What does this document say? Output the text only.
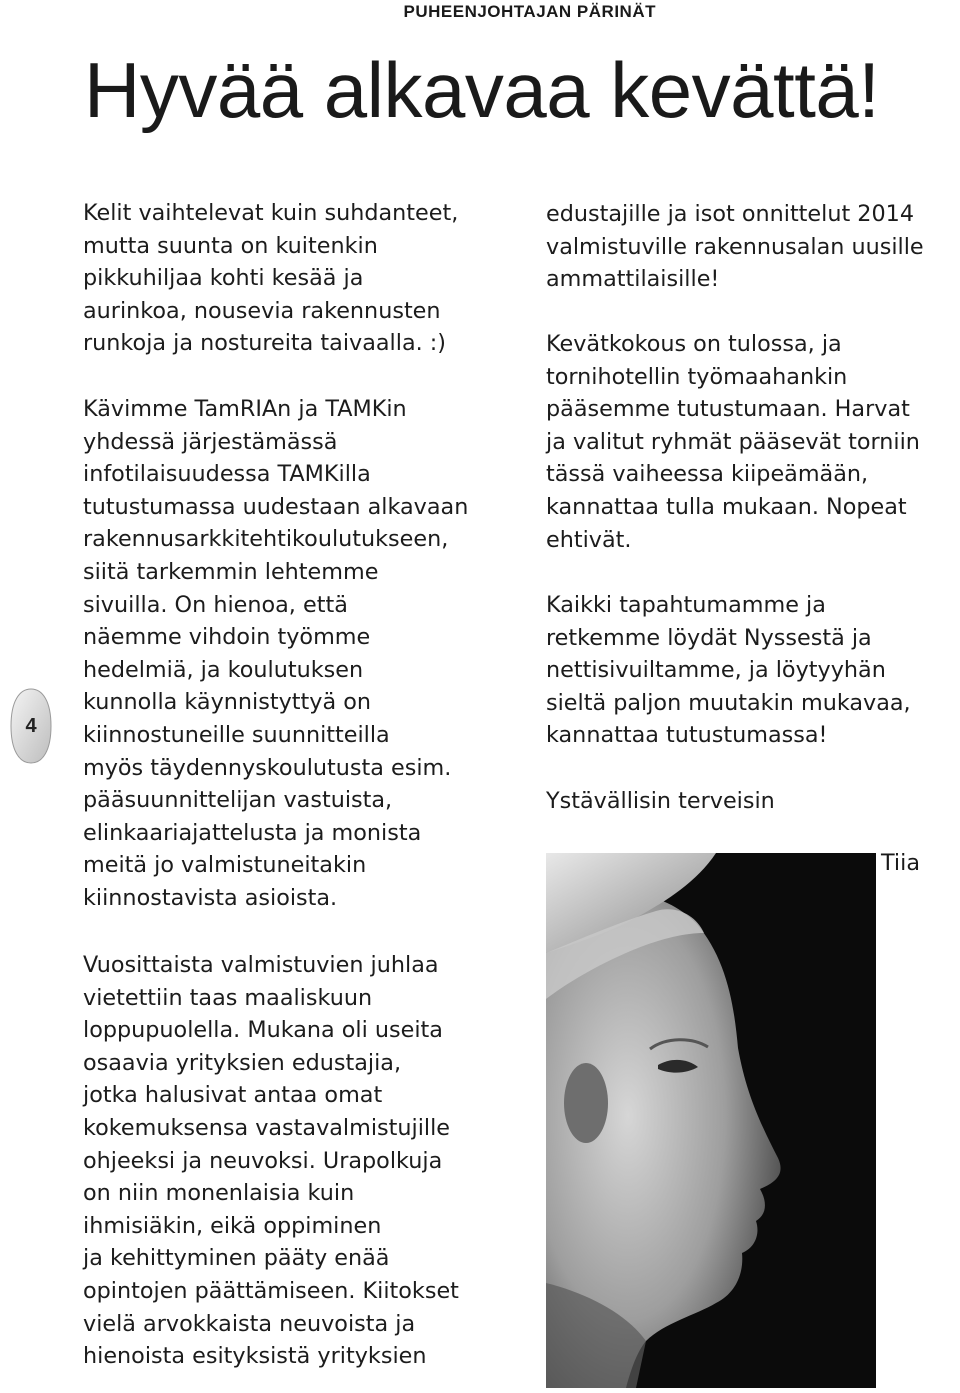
PUHEENJOHTAJAN PÄRINÄT
Hyvää alkavaa kevättä!
4

Kelit vaihtelevat kuin suhdanteet,
mutta suunta on kuitenkin
pikkuhiljaa kohti kesää ja
aurinkoa, nousevia rakennusten
runkoja ja nostureita taivaalla. :)

Kävimme TamRIAn ja TAMKin
yhdessä järjestämässä
infotilaisuudessa TAMKilla
tutustumassa uudestaan alkavaan
rakennusarkkitehtikoulutukseen,
siitä tarkemmin lehtemme
sivuilla. On hienoa, että
näemme vihdoin työmme
hedelmiä, ja koulutuksen
kunnolla käynnistyttyä on
kiinnostuneille suunnitteilla
myös täydennyskoulutusta esim.
pääsuunnittelijan vastuista,
elinkaariajattelusta ja monista
meitä jo valmistuneitakin
kiinnostavista asioista.

Vuosittaista valmistuvien juhlaa
vietettiin taas maaliskuun
loppupuolella. Mukana oli useita
osaavia yrityksien edustajia,
jotka halusivat antaa omat
kokemuksensa vastavalmistujille
ohjeeksi ja neuvoksi. Urapolkuja
on niin monenlaisia kuin
ihmisiäkin, eikä oppiminen
ja kehittyminen pääty enää
opintojen päättämiseen. Kiitokset
vielä arvokkaista neuvoista ja
hienoista esityksistä yrityksien

edustajille ja isot onnittelut 2014
valmistuville rakennusalan uusille
ammattilaisille!

Kevätkokous on tulossa, ja
tornihotellin työmaahankin
pääsemme tutustumaan. Harvat
ja valitut ryhmät pääsevät torniin
tässä vaiheessa kiipeämään,
kannattaa tulla mukaan. Nopeat
ehtivät.

Kaikki tapahtumamme ja
retkemme löydät Nyssestä ja
nettisivuiltamme, ja löytyyhän
sieltä paljon muutakin mukavaa,
kannattaa tutustumassa!

Ystävällisin terveisin

Tiia
